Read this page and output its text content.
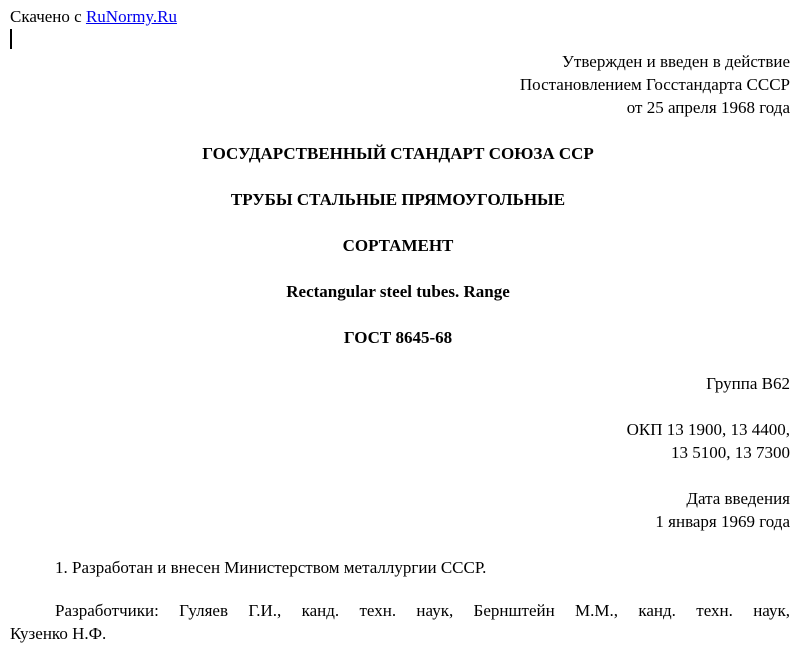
Скачено с RuNormy.Ru
Утвержден и введен в действие
Постановлением Госстандарта СССР
от 25 апреля 1968 года
ГОСУДАРСТВЕННЫЙ СТАНДАРТ СОЮЗА ССР
ТРУБЫ СТАЛЬНЫЕ ПРЯМОУГОЛЬНЫЕ
СОРТАМЕНТ
Rectangular steel tubes. Range
ГОСТ 8645-68
Группа В62
ОКП 13 1900, 13 4400,
13 5100, 13 7300
Дата введения
1 января 1969 года
1. Разработан и внесен Министерством металлургии СССР.
Разработчики: Гуляев Г.И., канд. техн. наук, Бернштейн М.М., канд. техн. наук,
Кузенко Н.Ф.
